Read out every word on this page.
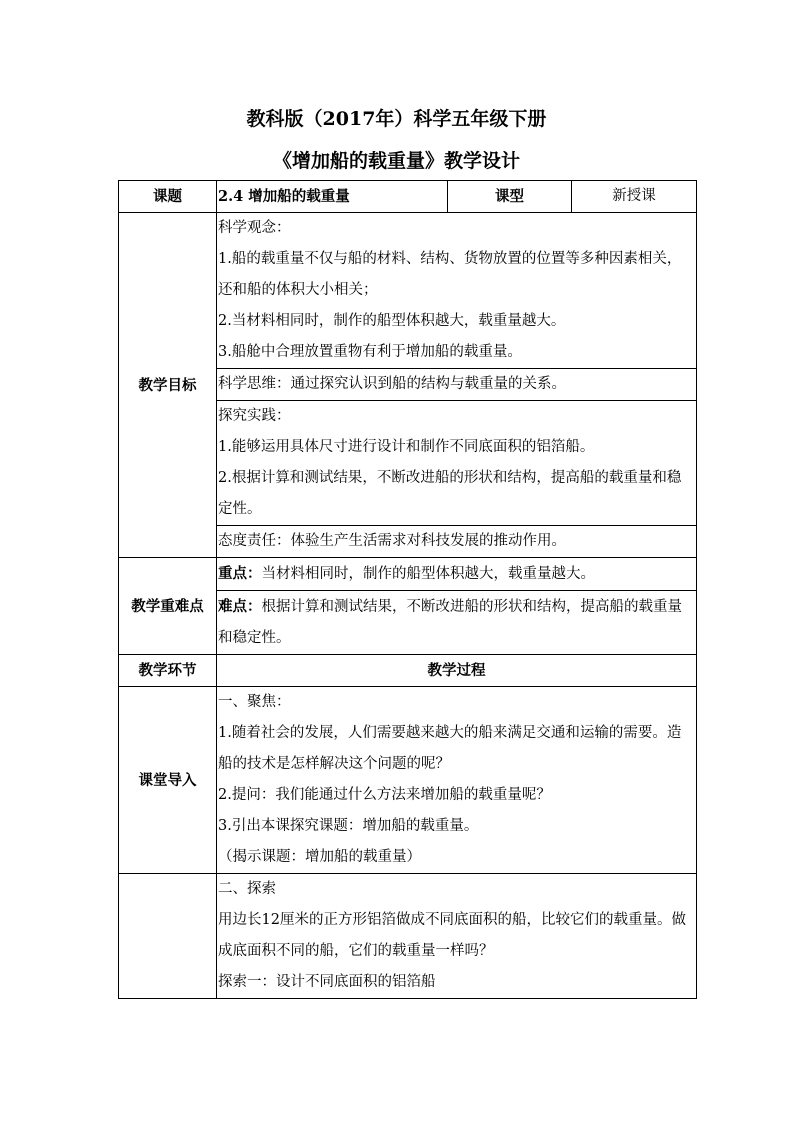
教科版（2017年）科学五年级下册
《增加船的载重量》教学设计
课题	2.4 增加船的载重量	课型	新授课
教学目标	科学观念：
1.船的载重量不仅与船的材料、结构、货物放置的位置等多种因素相关，还和船的体积大小相关；
2.当材料相同时，制作的船型体积越大，载重量越大。
3.船舱中合理放置重物有利于增加船的载重量。		

	科学思维：通过探究认识到船的结构与载重量的关系。		

	探究实践：
1.能够运用具体尺寸进行设计和制作不同底面积的铝箔船。
2.根据计算和测试结果，不断改进船的形状和结构，提高船的载重量和稳定性。		

	态度责任：体验生产生活需求对科技发展的推动作用。		
教学重难点	重点：当材料相同时，制作的船型体积越大，载重量越大。		
	难点：根据计算和测试结果，不断改进船的形状和结构，提高船的载重量和稳定性。		
教学环节	教学过程		
课堂导入	一、聚焦：
1.随着社会的发展，人们需要越来越大的船来满足交通和运输的需要。造船的技术是怎样解决这个问题的呢？
2.提问：我们能通过什么方法来增加船的载重量呢？
3.引出本课探究课题：增加船的载重量。
（揭示课题：增加船的载重量）		

	二、探索
用边长12厘米的正方形铝箔做成不同底面积的船，比较它们的载重量。做成底面积不同的船，它们的载重量一样吗？
探索一：设计不同底面积的铝箔船		
